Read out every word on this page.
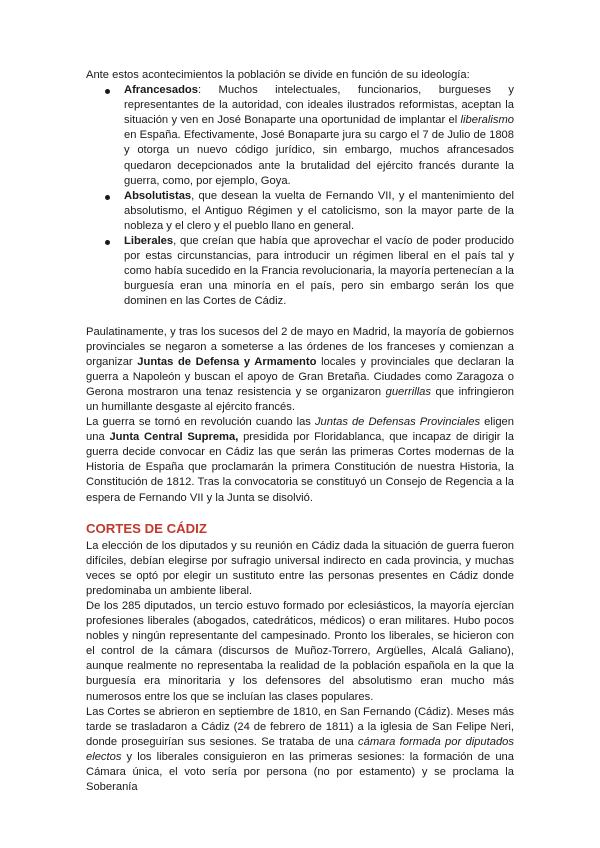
Ante estos acontecimientos la población se divide en función de su ideología:

Afrancesados: Muchos intelectuales, funcionarios, burgueses y representantes de la autoridad, con ideales ilustrados reformistas, aceptan la situación y ven en José Bonaparte una oportunidad de implantar el liberalismo en España. Efectivamente, José Bonaparte jura su cargo el 7 de Julio de 1808 y otorga un nuevo código jurídico, sin embargo, muchos afrancesados quedaron decepcionados ante la brutalidad del ejército francés durante la guerra, como, por ejemplo, Goya.
Absolutistas, que desean la vuelta de Fernando VII, y el mantenimiento del absolutismo, el Antiguo Régimen y el catolicismo, son la mayor parte de la nobleza y el clero y el pueblo llano en general.
Liberales, que creían que había que aprovechar el vacío de poder producido por estas circunstancias, para introducir un régimen liberal en el país tal y como había sucedido en la Francia revolucionaria, la mayoría pertenecían a la burguesía eran una minoría en el país, pero sin embargo serán los que dominen en las Cortes de Cádiz.

Paulatinamente, y tras los sucesos del 2 de mayo en Madrid, la mayoría de gobiernos provinciales se negaron a someterse a las órdenes de los franceses y comienzan a organizar Juntas de Defensa y Armamento locales y provinciales que declaran la guerra a Napoleón y buscan el apoyo de Gran Bretaña. Ciudades como Zaragoza o Gerona mostraron una tenaz resistencia y se organizaron guerrillas que infringieron un humillante desgaste al ejército francés.

La guerra se tornó en revolución cuando las Juntas de Defensas Provinciales eligen una Junta Central Suprema, presidida por Floridablanca, que incapaz de dirigir la guerra decide convocar en Cádiz las que serán las primeras Cortes modernas de la Historia de España que proclamarán la primera Constitución de nuestra Historia, la Constitución de 1812. Tras la convocatoria se constituyó un Consejo de Regencia a la espera de Fernando VII y la Junta se disolvió.

CORTES DE CÁDIZ

La elección de los diputados y su reunión en Cádiz dada la situación de guerra fueron difíciles, debían elegirse por sufragio universal indirecto en cada provincia, y muchas veces se optó por elegir un sustituto entre las personas presentes en Cádiz donde predominaba un ambiente liberal.

De los 285 diputados, un tercio estuvo formado por eclesiásticos, la mayoría ejercían profesiones liberales (abogados, catedráticos, médicos) o eran militares. Hubo pocos nobles y ningún representante del campesinado. Pronto los liberales, se hicieron con el control de la cámara (discursos de Muñoz-Torrero, Argüelles, Alcalá Galiano), aunque realmente no representaba la realidad de la población española en la que la burguesía era minoritaria y los defensores del absolutismo eran mucho más numerosos entre los que se incluían las clases populares.

Las Cortes se abrieron en septiembre de 1810, en San Fernando (Cádiz). Meses más tarde se trasladaron a Cádiz (24 de febrero de 1811) a la iglesia de San Felipe Neri, donde proseguirían sus sesiones. Se trataba de una cámara formada por diputados electos y los liberales consiguieron en las primeras sesiones: la formación de una Cámara única, el voto sería por persona (no por estamento) y se proclama la Soberanía
